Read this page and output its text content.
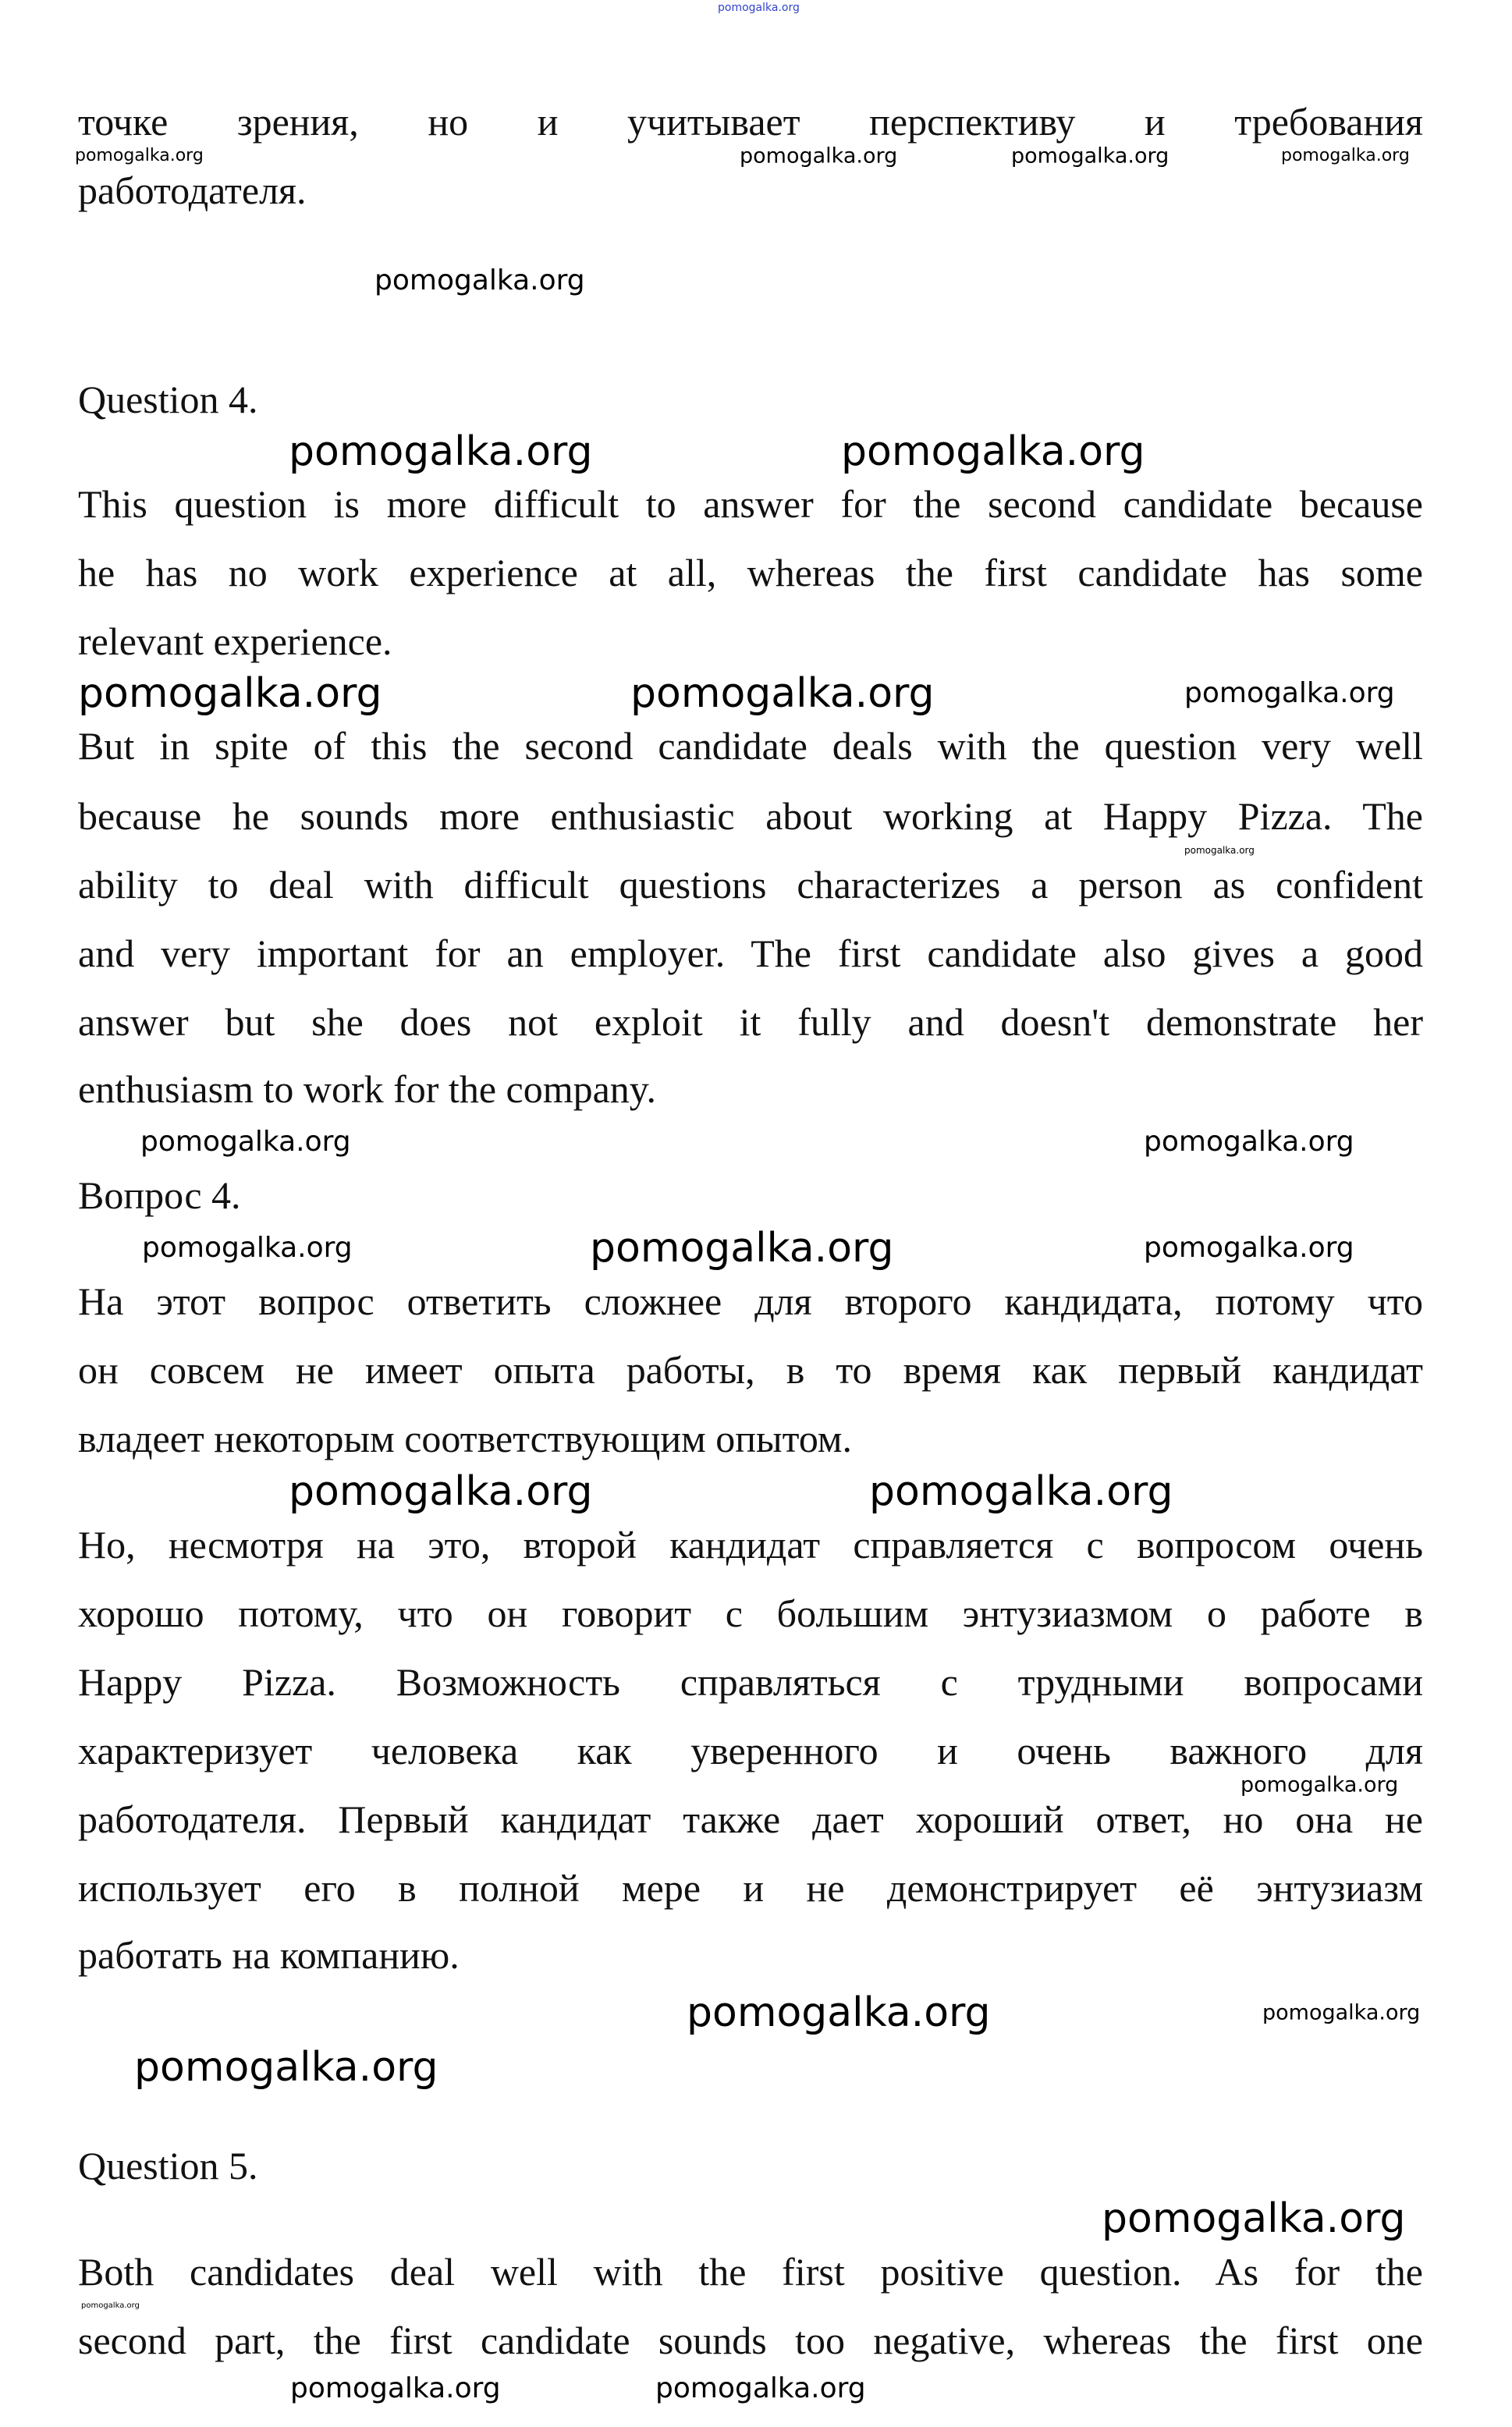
точке зрения, но и учитывает перспективу и требования
работодателя.
Question 4.
This question is more difficult to answer for the second candidate because
he has no work experience at all, whereas the first candidate has some
relevant experience.
But in spite of this the second candidate deals with the question very well
because he sounds more enthusiastic about working at Happy Pizza. The
ability to deal with difficult questions characterizes a person as confident
and very important for an employer. The first candidate also gives a good
answer but she does not exploit it fully and doesn't demonstrate her
enthusiasm to work for the company.
Вопрос 4.
На этот вопрос ответить сложнее для второго кандидата, потому что
он совсем не имеет опыта работы, в то время как первый кандидат
владеет некоторым соответствующим опытом.
Но, несмотря на это, второй кандидат справляется с вопросом очень
хорошо потому, что он говорит с большим энтузиазмом о работе в
Happy Pizza. Возможность справляться с трудными вопросами
характеризует человека как уверенного и очень важного для
работодателя. Первый кандидат также дает хороший ответ, но она не
использует его в полной мере и не демонстрирует её энтузиазм
работать на компанию.
Question 5.
Both candidates deal well with the first positive question. As for the
second part, the first candidate sounds too negative, whereas the first one
pomogalka.org
pomogalka.org
pomogalka.org
pomogalka.org	pomogalka.org	pomogalka.org
pomogalka.org	pomogalka.org
pomogalka.org	pomogalka.org	pomogalka.org
pomogalka.org
pomogalka.org	pomogalka.org
pomogalka.org	pomogalka.org	pomogalka.org
pomogalka.org	pomogalka.org
pomogalka.org
pomogalka.org	pomogalka.org
pomogalka.org
pomogalka.org
pomogalka.org
pomogalka.org	pomogalka.org
